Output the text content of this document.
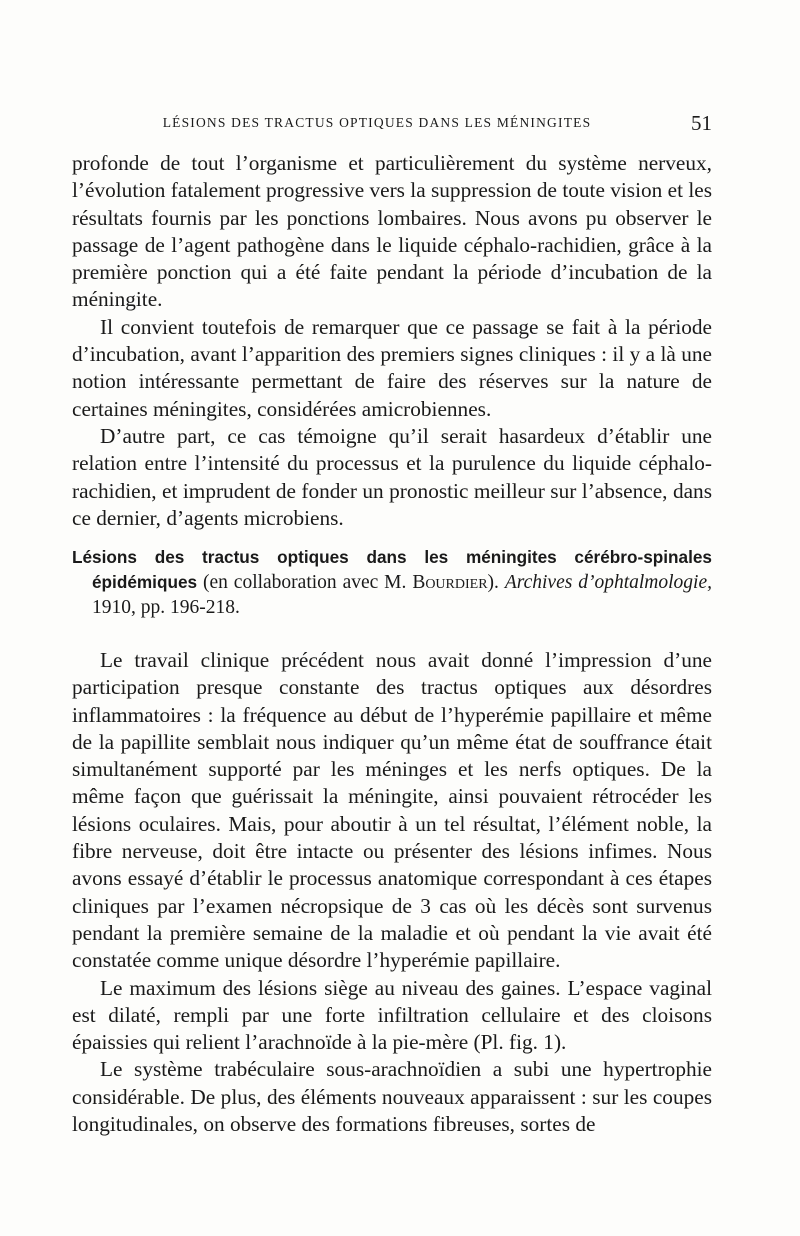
LÉSIONS DES TRACTUS OPTIQUES DANS LES MÉNINGITES	51

profonde de tout l’organisme et particulièrement du système nerveux, l’évolution fatalement progressive vers la suppression de toute vision et les résultats fournis par les ponctions lombaires. Nous avons pu observer le passage de l’agent pathogène dans le liquide céphalo-rachidien, grâce à la première ponction qui a été faite pendant la période d’incubation de la méningite.

Il convient toutefois de remarquer que ce passage se fait à la période d’incubation, avant l’apparition des premiers signes cliniques : il y a là une notion intéressante permettant de faire des réserves sur la nature de certaines méningites, considérées amicrobiennes.

D’autre part, ce cas témoigne qu’il serait hasardeux d’établir une relation entre l’intensité du processus et la purulence du liquide céphalo-rachidien, et imprudent de fonder un pronostic meilleur sur l’absence, dans ce dernier, d’agents microbiens.

Lésions des tractus optiques dans les méningites cérébro-spinales épidémiques (en collaboration avec M. Bourdier). Archives d’ophtalmologie, 1910, pp. 196-218.

Le travail clinique précédent nous avait donné l’impression d’une participation presque constante des tractus optiques aux désordres inflammatoires : la fréquence au début de l’hyperémie papillaire et même de la papillite semblait nous indiquer qu’un même état de souffrance était simultanément supporté par les méninges et les nerfs optiques. De la même façon que guérissait la méningite, ainsi pouvaient rétrocéder les lésions oculaires. Mais, pour aboutir à un tel résultat, l’élément noble, la fibre nerveuse, doit être intacte ou présenter des lésions infimes. Nous avons essayé d’établir le processus anatomique correspondant à ces étapes cliniques par l’examen nécropsique de 3 cas où les décès sont survenus pendant la première semaine de la maladie et où pendant la vie avait été constatée comme unique désordre l’hyperémie papillaire.

Le maximum des lésions siège au niveau des gaines. L’espace vaginal est dilaté, rempli par une forte infiltration cellulaire et des cloisons épaissies qui relient l’arachnoïde à la pie-mère (Pl. fig. 1).

Le système trabéculaire sous-arachnoïdien a subi une hypertrophie considérable. De plus, des éléments nouveaux apparaissent : sur les coupes longitudinales, on observe des formations fibreuses, sortes de
